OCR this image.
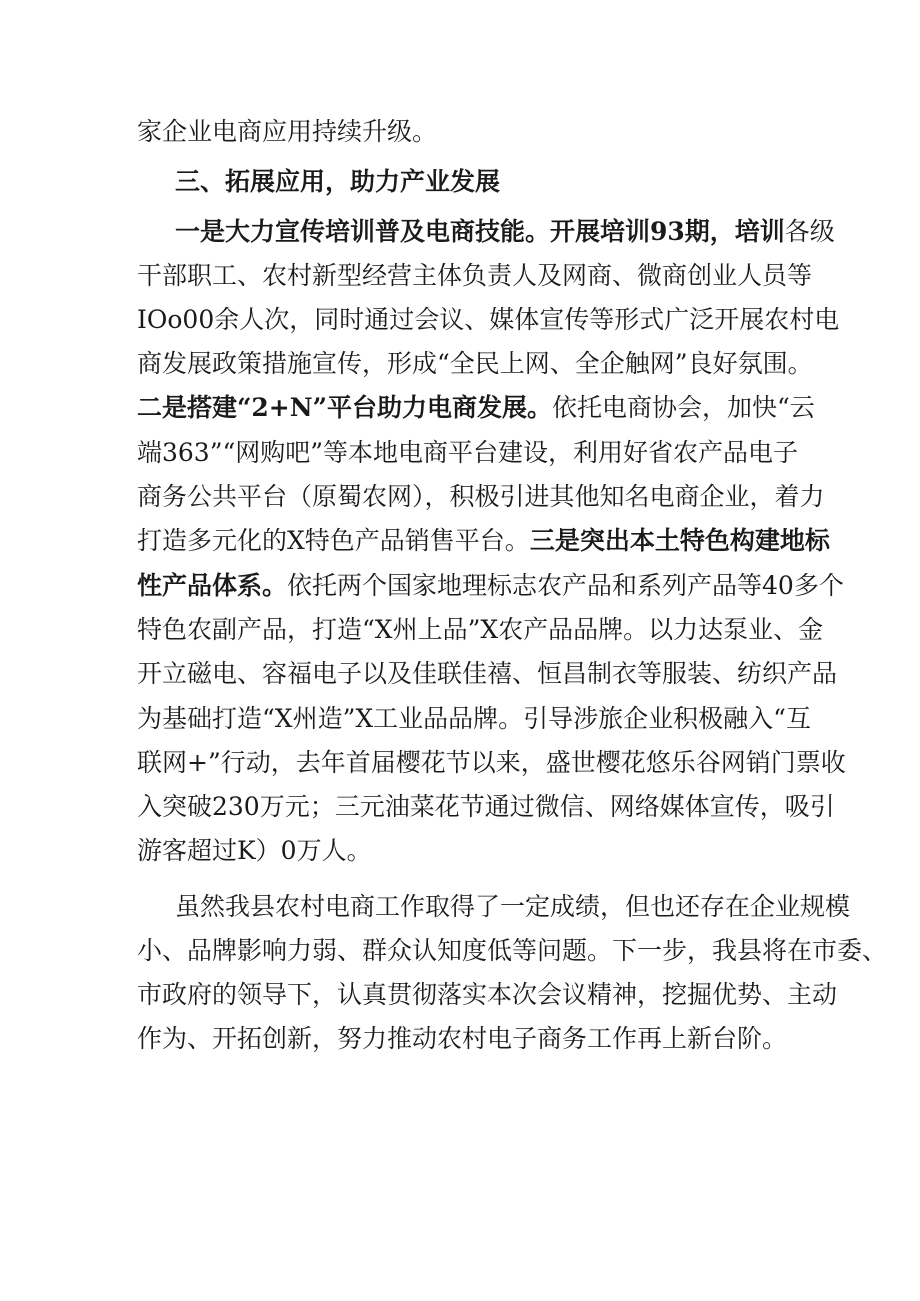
家企业电商应用持续升级。
三、拓展应用，助力产业发展
一是大力宣传培训普及电商技能。开展培训93期，培训各级
干部职工、农村新型经营主体负责人及网商、微商创业人员等
IOo00余人次，同时通过会议、媒体宣传等形式广泛开展农村电
商发展政策措施宣传，形成“全民上网、全企触网”良好氛围。
二是搭建“2+N”平台助力电商发展。依托电商协会，加快“云
端363”“网购吧”等本地电商平台建设，利用好省农产品电子
商务公共平台（原蜀农网），积极引进其他知名电商企业，着力
打造多元化的X特色产品销售平台。三是突出本土特色构建地标
性产品体系。依托两个国家地理标志农产品和系列产品等40多个
特色农副产品，打造“X州上品”X农产品品牌。以力达泵业、金
开立磁电、容福电子以及佳联佳禧、恒昌制衣等服装、纺织产品
为基础打造“X州造”X工业品品牌。引导涉旅企业积极融入“互
联网+”行动，去年首届樱花节以来，盛世樱花悠乐谷网销门票收
入突破230万元；三元油菜花节通过微信、网络媒体宣传，吸引
游客超过K）0万人。
虽然我县农村电商工作取得了一定成绩，但也还存在企业规模
小、品牌影响力弱、群众认知度低等问题。下一步，我县将在市委、
市政府的领导下，认真贯彻落实本次会议精神，挖掘优势、主动
作为、开拓创新，努力推动农村电子商务工作再上新台阶。
